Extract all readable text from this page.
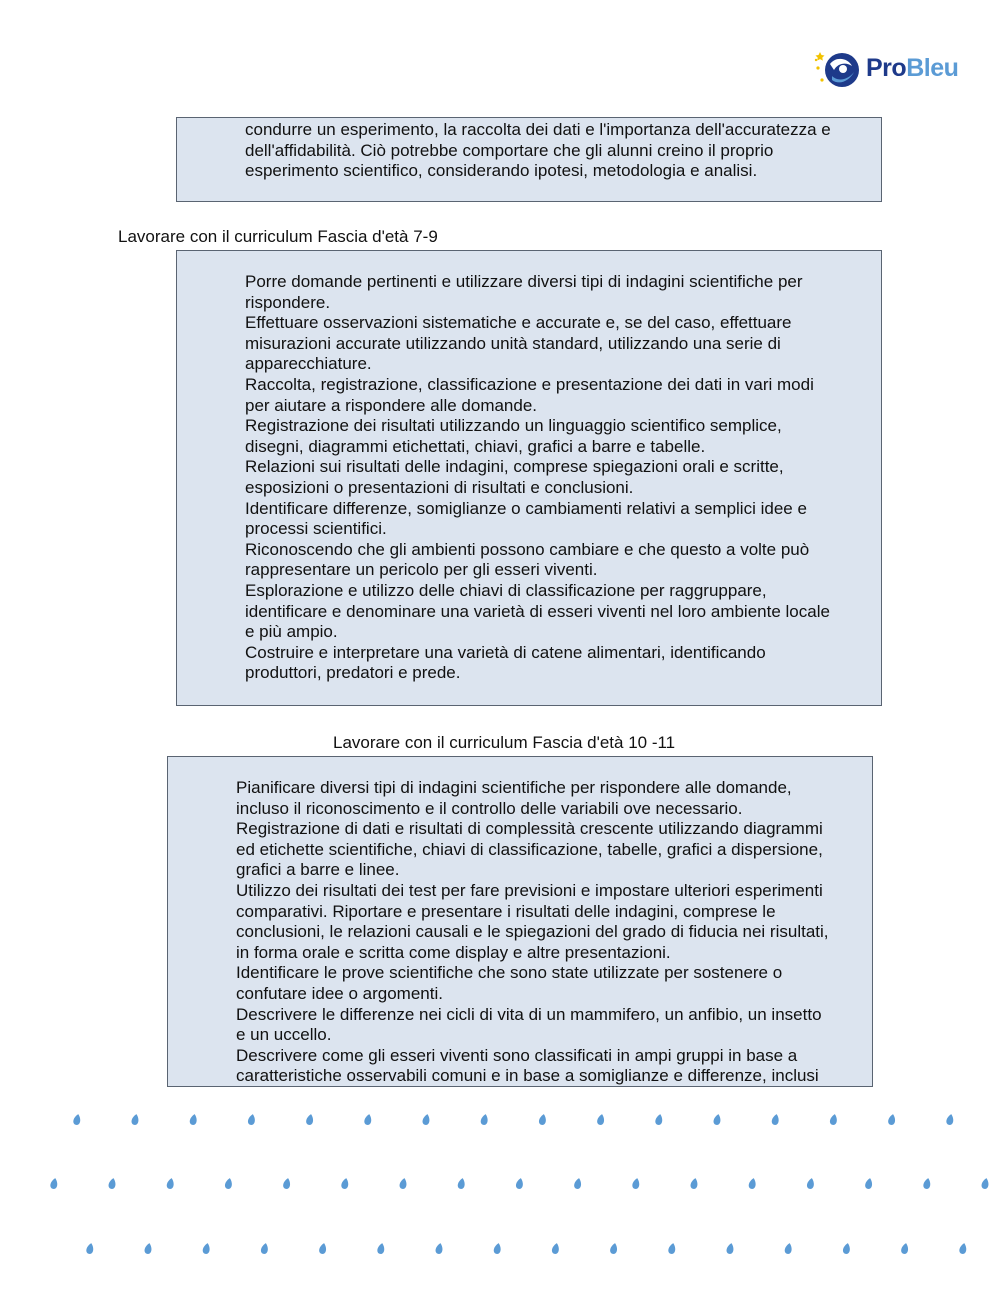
ProBleu

condurre un esperimento, la raccolta dei dati e l'importanza dell'accuratezza e

dell'affidabilità. Ciò potrebbe comportare che gli alunni creino il proprio

esperimento scientifico, considerando ipotesi, metodologia e analisi.

Lavorare con il curriculum Fascia d'età 7-9

Porre domande pertinenti e utilizzare diversi tipi di indagini scientifiche per

rispondere.

Effettuare osservazioni sistematiche e accurate e, se del caso, effettuare

misurazioni accurate utilizzando unità standard, utilizzando una serie di

apparecchiature.

Raccolta, registrazione, classificazione e presentazione dei dati in vari modi

per aiutare a rispondere alle domande.

Registrazione dei risultati utilizzando un linguaggio scientifico semplice,

disegni, diagrammi etichettati, chiavi, grafici a barre e tabelle.

Relazioni sui risultati delle indagini, comprese spiegazioni orali e scritte,

esposizioni o presentazioni di risultati e conclusioni.

Identificare differenze, somiglianze o cambiamenti relativi a semplici idee e

processi scientifici.

Riconoscendo che gli ambienti possono cambiare e che questo a volte può

rappresentare un pericolo per gli esseri viventi.

Esplorazione e utilizzo delle chiavi di classificazione per raggruppare,

identificare e denominare una varietà di esseri viventi nel loro ambiente locale

e più ampio.

Costruire e interpretare una varietà di catene alimentari, identificando

produttori, predatori e prede.

Lavorare con il curriculum Fascia d'età 10 -11

Pianificare diversi tipi di indagini scientifiche per rispondere alle domande,

incluso il riconoscimento e il controllo delle variabili ove necessario.

Registrazione di dati e risultati di complessità crescente utilizzando diagrammi

ed etichette scientifiche, chiavi di classificazione, tabelle, grafici a dispersione,

grafici a barre e linee.

Utilizzo dei risultati dei test per fare previsioni e impostare ulteriori esperimenti

comparativi. Riportare e presentare i risultati delle indagini, comprese le

conclusioni, le relazioni causali e le spiegazioni del grado di fiducia nei risultati,

in forma orale e scritta come display e altre presentazioni.

Identificare le prove scientifiche che sono state utilizzate per sostenere o

confutare idee o argomenti.

Descrivere le differenze nei cicli di vita di un mammifero, un anfibio, un insetto

e un uccello.

Descrivere come gli esseri viventi sono classificati in ampi gruppi in base a

caratteristiche osservabili comuni e in base a somiglianze e differenze, inclusi
